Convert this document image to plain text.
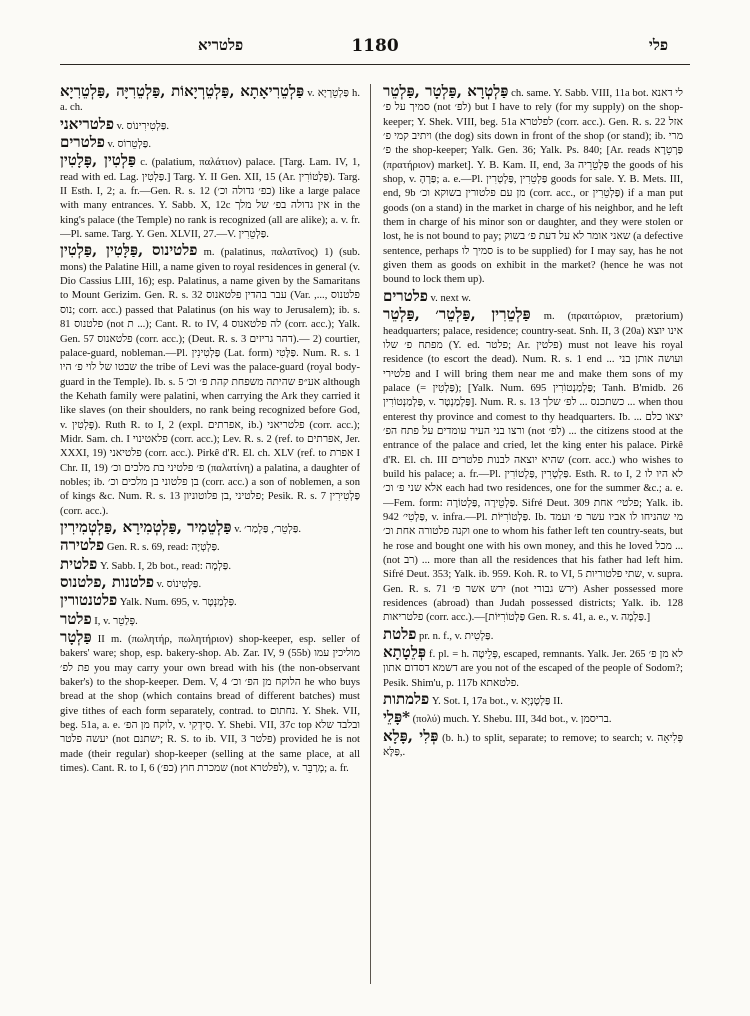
פלטריא	1180	פלי

פַּלְטֵרִיאָתָא ,פַּלְטֵרְיָאוֹת ,פַּלְטֵרִיָּה ,פַּלְטֵרִיָא v. פַּלְטֵרְיָא h. a. ch.

פלטריאני v. פַּלְטִירִינוֹס.

פלטרים v. פַּלְטֵרוֹס.

פַּלְטִין ,פָּלָטִין c. (palatium, παλάτιον) palace. [Targ. Lam. IV, 1, read with ed. Lag. פַּלְטִין.] Targ. Y. II Gen. XII, 15 (Ar. פַּלְטוֹרִין). Targ. II Esth. I, 2; a. fr.—Gen. R. s. 12 (כפ׳ גדולה וכ׳) like a large palace with many entrances. Y. Sabb. X, 12c אין גדולה בפ׳ של מלך in the king's palace (the Temple) no rank is recognized (all are alike); a. v. fr.—Pl. same. Targ. Y. Gen. XLVII, 27.—V. פַּלְטֵרִין.

פלטינוס ,פַּלָּטִין ,פַּלְטִין m. (palatinus, παλατῖνος) 1) (sub. mons) the Palatine Hill, a name given to royal residences in general (v. Dio Cassius LIII, 16); esp. Palatinus, a name given by the Samaritans to Mount Gerizim. Gen. R. s. 32 עבר בהדין פלטאנוס (Var. פלטנוס ,..., נוס; corr. acc.) passed that Palatinus (on his way to Jerusalem); ib. s. 81 פלטנוס (not ת ...); Cant. R. to IV, 4 לה פלטאנוס (corr. acc.); Yalk. Gen. 57 פלטאנוס (corr. acc.); (Deut. R. s. 3 דהר גריזים).— 2) courtier, palace-guard, nobleman.—Pl. פַּלְטִינִין (Lat. form) פַּלָּטִי. Num. R. s. 1 שבטו של לוי פ׳ היו the tribe of Levi was the palace-guard (royal body-guard in the Temple). Ib. s. 5 אע״פ שהיתה משפחת קהת פ׳ וכ׳ although the Kehath family were palatini, when carrying the Ark they carried it like slaves (on their shoulders, no rank being recognized before God, v. פָּלְטִין). Ruth R. to I, 2 (expl. אפרתים, ib.) פלטריאני (corr. acc.); Midr. Sam. ch. I פלאטינוי (corr. acc.); Lev. R. s. 2 (ref. to אפרתים, Jer. XXXI, 19) פלטיאני (corr. acc.). Pirkê d'R. El. ch. XLV (ref. to אפרת I Chr. II, 19) פ׳ פלטיני בת מלכים וכ׳ (παλατίνη) a palatina, a daughter of nobles; ib. בן פלטוני בן מלכים וכ׳ (corr. acc.) a son of noblemen, a son of kings &c. Num. R. s. 13 פלטיני ,בן פלוטוניון; Pesik. R. s. 7 פַּלְטִירִין (corr. acc.).

פַּלְטֵמִיר ,פַּלְטְמִירָא ,פַּלְטְמִירִין v. פַּלְטֵר׳, פַּלְמַר׳.

פלטירה Gen. R. s. 69, read: פַּלְטְיָה.

פלטית Y. Sabb. I, 2b bot., read: פַּלְמָה.

פלטנות ,פלטנוס v. פַּלְטִינוֹס.

פלטנטורין Yalk. Num. 695, v. פַּלְמַנְטָר.

פלטר I, v. פְּלַטֵר.

פַּלְטָר II m. (πωλητήρ, πωλητήριον) shop-keeper, esp. seller of bakers' ware; shop, esp. bakery-shop. Ab. Zar. IV, 9 (55b) מוליכין עמו פת לפ׳ you may carry your own bread with his (the non-observant baker's) to the shop-keeper. Dem. V, 4 הלוקח מן הפ׳ וכ׳ he who buys bread at the shop (which contains bread of different batches) must give tithes of each form separately, contrad. to נחתום. Y. Shek. VII, beg. 51a, a. e. לוקח מן הפ׳, v. סִידְקִי. Y. Shebi. VII, 37c top ובלבד שלא יעשה פלטר (not ישתנם; R. S. to ib. VII, 3 פלטר) provided he is not made (their regular) shop-keeper (selling at the same place, at all times). Cant. R. to I, 6 (כפ׳) שמכרת חוץ (not לפלטרא), v. מְרַבֵּר; a. fr.

פַּלְטְרָא ,פַּלְטָר ,פַּלְטֵר ch. same. Y. Sabb. VIII, 11a bot. לי דאנא סמיך על פ׳ (not לפ׳) but I have to rely (for my supply) on the shop-keeper; Y. Shek. VIII, beg. 51a לפלטרא (corr. acc.). Gen. R. s. 22 אזל ויתיב קמי פ׳ (the dog) sits down in front of the shop (or stand); ib. מרי פ׳ the shop-keeper; Yalk. Gen. 36; Yalk. Ps. 840; [Ar. reads פַּרְטֵרָא (πρατήριον) market]. Y. B. Kam. II, end, 3a פַּלְטֵרֵיה the goods of his shop, v. פַּרְהָ; a. e.—Pl. פַּלְטֵרִין ,פַּלְטְרִין goods for sale. Y. B. Mets. III, end, 9b מן עם פלטורין בשוקא וכ׳ (corr. acc., or פַּלְטֵרִין) if a man put goods (on a stand) in the market in charge of his neighbor, and he left them in charge of his minor son or daughter, and they were stolen or lost, he is not bound to pay; שאני אומר לא על דעת פ׳ בשוק (a defective sentence, perhaps סמיך לו is to be supplied) for I may say, has he not given them as goods on exhibit in the market? (hence he was not bound to lock them up).

פלטרים v. next w.

פַּלְטֵרִין ,פַּלְטֵר׳ ,פַּלְטֵר m. (πραιτώριον, prætorium) headquarters; palace, residence; country-seat. Snh. II, 3 (20a) אינו יוצא מפתח פ׳ שלו (Y. ed. פלטר; Ar. פלטין) must not leave his royal residence (to escort the dead). Num. R. s. 1 end ... ועושה אותן בני פלטירי and I will bring them near me and make them sons of my palace (= פַּלְטִין); [Yalk. Num. 695 פַּלְמַנְטוֹרִין; Tanh. B'midb. 26 פַּלְמַנְטוֹרִין, v. פַּלְמַנְטָר]. Num. R. s. 13 כשתכנס ... לפ׳ שלך ... when thou enterest thy province and comest to thy headquarters. Ib. יצאו כלם ... ורצו בני העיר עומדים על פתח הפ׳ (not לפ׳) ... the citizens stood at the entrance of the palace and cried, let the king enter his palace. Pirkê d'R. El. ch. III שהיא יוצאה לבנות פלטרים (corr. acc.) who wishes to build his palace; a. fr.—Pl. פַּלְטְרִין ,פַּלְטוֹרִין. Esth. R. to I, 2 לא היו לו אלא שני פ׳ וכ׳ each had two residences, one for the summer &c.; a. e.—Fem. form: פַּלְטֵירָה ,פַּלְטוֹרָה. Sifré Deut. 309 פלטי׳ אחת; Yalk. ib. 942 פַּלְטִי׳, v. infra.—Pl. פַּלְטוֹרִיּוֹת. Ib. מי שהניחו לו אביו עשר פ׳ ועמד וקנה פלטורה אחת וכ׳ one to whom his father left ten country-seats, but he rose and bought one with his own money, and this he loved מכל ... (not רב) ... more than all the residences that his father had left him. Sifré Deut. 353; Yalk. ib. 959. Koh. R. to VI, 5 שתי פלטוריות, v. supra. Gen. R. s. 71 ירש אשר פ׳ (not ירש גבורי) Asher possessed more residences (abroad) than Judah possessed districts; Yalk. ib. 128 פלטריאות (corr. acc.).—[פַּלְטוֹרִיּוֹת Gen. R. s. 41, a. e., v. פַּלְמָה.]

פלטת pr. n. f., v. פַּלְטִית.

פְּלֵטָתָא f. pl. = h. פְּלֵיטָה, escaped, remnants. Yalk. Jer. 265 לא מן פ׳ דשמא דסדום אתון are you not of the escaped of the people of Sodom?; Pesik. Shim'u, p. 117b פלטאתא.

פלמתות Y. Sot. I, 17a bot., v. פַּלְטָנְיָא II.

*פָּלֵי (πολύ) much. Y. Shebu. III, 34d bot., v. בריסמן.

פְּלִי ,פָּלָא (b. h.) to split, separate; to remove; to search; v. פְּלִיאָה ,פַּלָּא.
